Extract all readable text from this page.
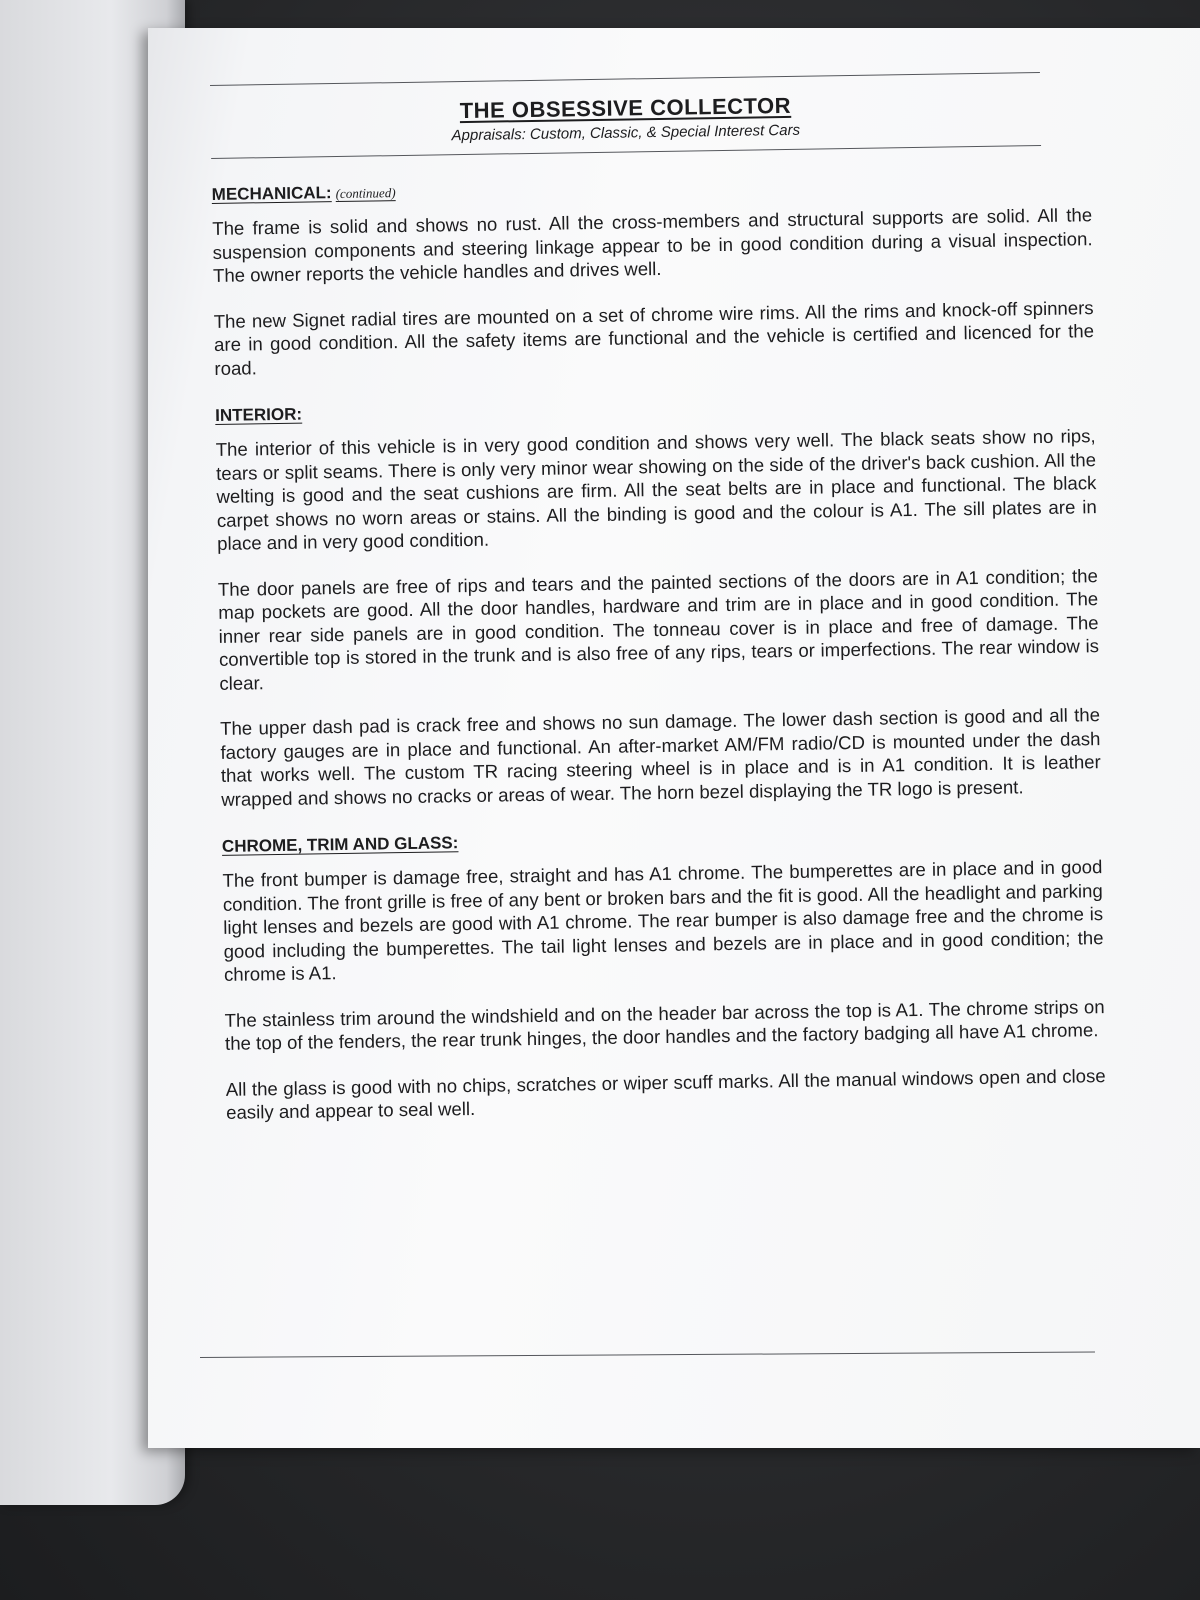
THE OBSESSIVE COLLECTOR
Appraisals: Custom, Classic, & Special Interest Cars
MECHANICAL: (continued)

The frame is solid and shows no rust. All the cross-members and structural supports are solid. All the suspension components and steering linkage appear to be in good condition during a visual inspection. The owner reports the vehicle handles and drives well.

The new Signet radial tires are mounted on a set of chrome wire rims. All the rims and knock-off spinners are in good condition. All the safety items are functional and the vehicle is certified and licenced for the road.

INTERIOR:

The interior of this vehicle is in very good condition and shows very well. The black seats show no rips, tears or split seams. There is only very minor wear showing on the side of the driver's back cushion. All the welting is good and the seat cushions are firm. All the seat belts are in place and functional. The black carpet shows no worn areas or stains. All the binding is good and the colour is A1. The sill plates are in place and in very good condition.

The door panels are free of rips and tears and the painted sections of the doors are in A1 condition; the map pockets are good. All the door handles, hardware and trim are in place and in good condition. The inner rear side panels are in good condition. The tonneau cover is in place and free of damage. The convertible top is stored in the trunk and is also free of any rips, tears or imperfections. The rear window is clear.

The upper dash pad is crack free and shows no sun damage. The lower dash section is good and all the factory gauges are in place and functional. An after-market AM/FM radio/CD is mounted under the dash that works well. The custom TR racing steering wheel is in place and is in A1 condition. It is leather wrapped and shows no cracks or areas of wear. The horn bezel displaying the TR logo is present.

CHROME, TRIM AND GLASS:

The front bumper is damage free, straight and has A1 chrome. The bumperettes are in place and in good condition. The front grille is free of any bent or broken bars and the fit is good. All the headlight and parking light lenses and bezels are good with A1 chrome. The rear bumper is also damage free and the chrome is good including the bumperettes. The tail light lenses and bezels are in place and in good condition; the chrome is A1.

The stainless trim around the windshield and on the header bar across the top is A1. The chrome strips on the top of the fenders, the rear trunk hinges, the door handles and the factory badging all have A1 chrome.

All the glass is good with no chips, scratches or wiper scuff marks. All the manual windows open and close easily and appear to seal well.
